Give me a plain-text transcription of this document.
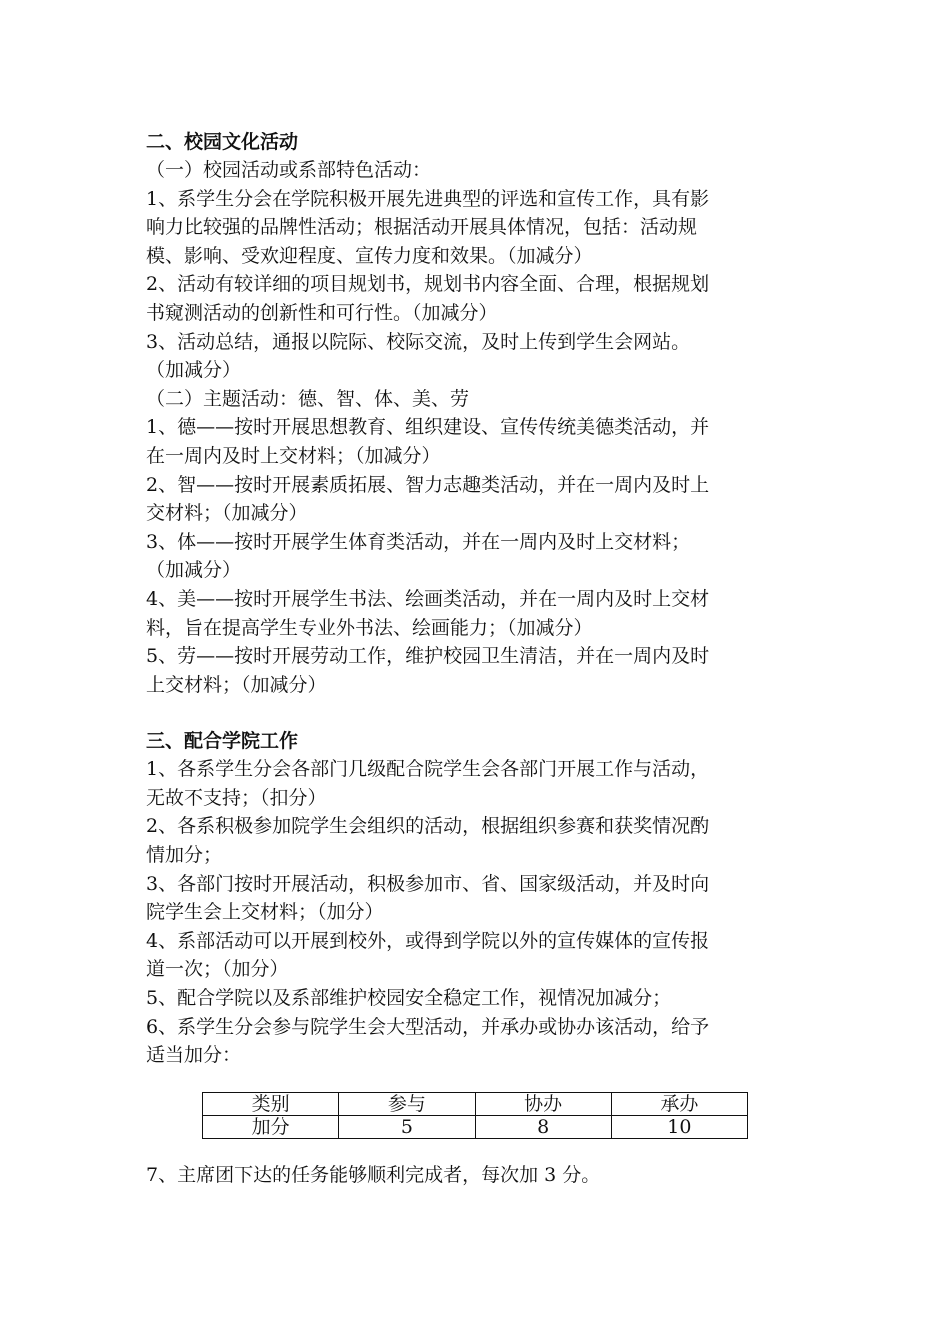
二、校园文化活动
（一）校园活动或系部特色活动：
1、系学生分会在学院积极开展先进典型的评选和宣传工作，具有影
响力比较强的品牌性活动；根据活动开展具体情况，包括：活动规
模、影响、受欢迎程度、宣传力度和效果。（加减分）
2、活动有较详细的项目规划书，规划书内容全面、合理，根据规划
书窥测活动的创新性和可行性。（加减分）
3、活动总结，通报以院际、校际交流，及时上传到学生会网站。
（加减分）
（二）主题活动：德、智、体、美、劳
1、德——按时开展思想教育、组织建设、宣传传统美德类活动，并
在一周内及时上交材料；（加减分）
2、智——按时开展素质拓展、智力志趣类活动，并在一周内及时上
交材料；（加减分）
3、体——按时开展学生体育类活动，并在一周内及时上交材料；
（加减分）
4、美——按时开展学生书法、绘画类活动，并在一周内及时上交材
料，旨在提高学生专业外书法、绘画能力；（加减分）
5、劳——按时开展劳动工作，维护校园卫生清洁，并在一周内及时
上交材料；（加减分）
三、配合学院工作
1、各系学生分会各部门几级配合院学生会各部门开展工作与活动，
无故不支持；（扣分）
2、各系积极参加院学生会组织的活动，根据组织参赛和获奖情况酌
情加分；
3、各部门按时开展活动，积极参加市、省、国家级活动，并及时向
院学生会上交材料；（加分）
4、系部活动可以开展到校外，或得到学院以外的宣传媒体的宣传报
道一次；（加分）
5、配合学院以及系部维护校园安全稳定工作，视情况加减分；
6、系学生分会参与院学生会大型活动，并承办或协办该活动，给予
适当加分：
类别	参与	协办	承办
加分	5	8	10
7、主席团下达的任务能够顺利完成者，每次加 3 分。
